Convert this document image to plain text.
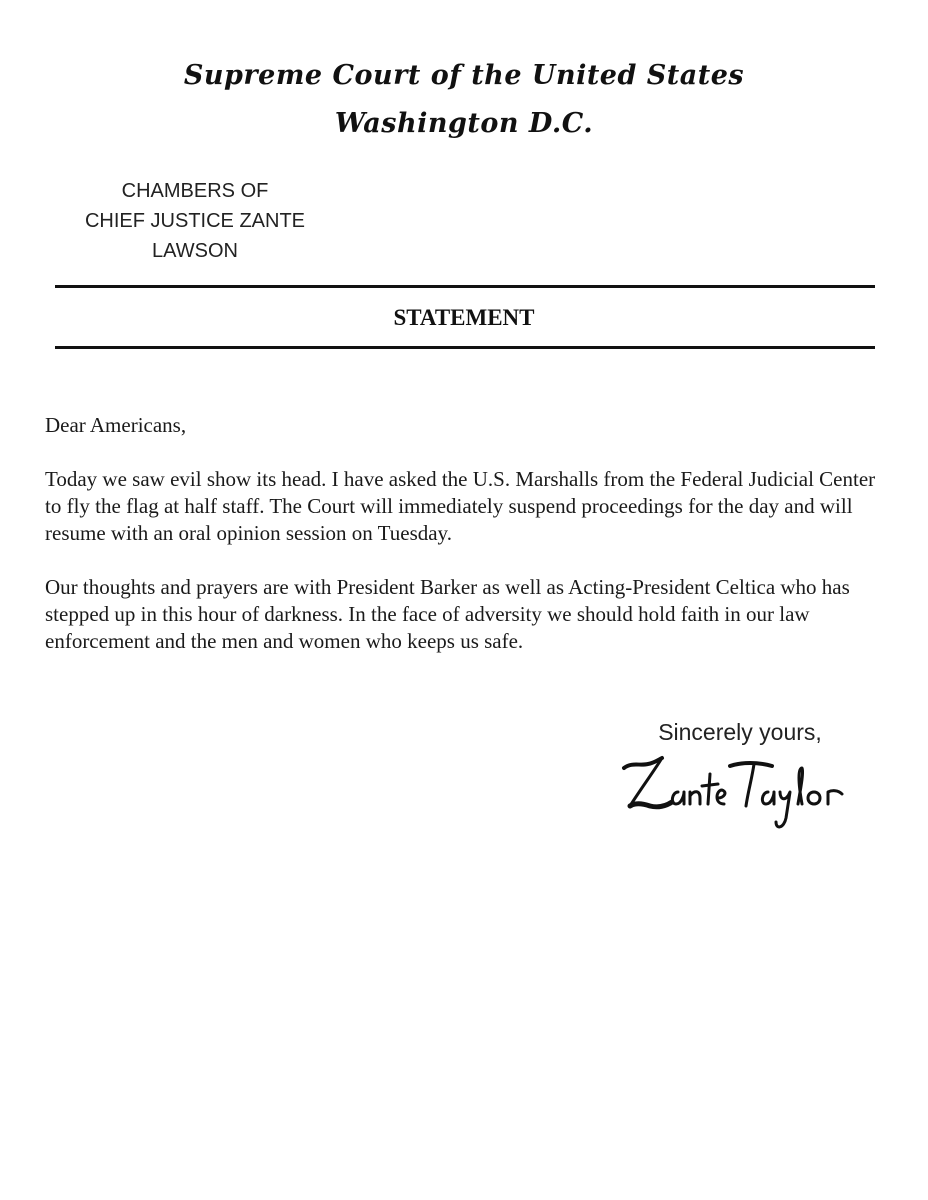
Supreme Court of the United States
Washington D.C.
CHAMBERS OF
CHIEF JUSTICE ZANTE
LAWSON
STATEMENT

Dear Americans,

Today we saw evil show its head. I have asked the U.S. Marshalls from the Federal Judicial Center to fly the flag at half staff. The Court will immediately suspend proceedings for the day and will resume with an oral opinion session on Tuesday.

Our thoughts and prayers are with President Barker as well as Acting-President Celtica who has stepped up in this hour of darkness. In the face of adversity we should hold faith in our law enforcement and the men and women who keeps us safe.

Sincerely yours,
